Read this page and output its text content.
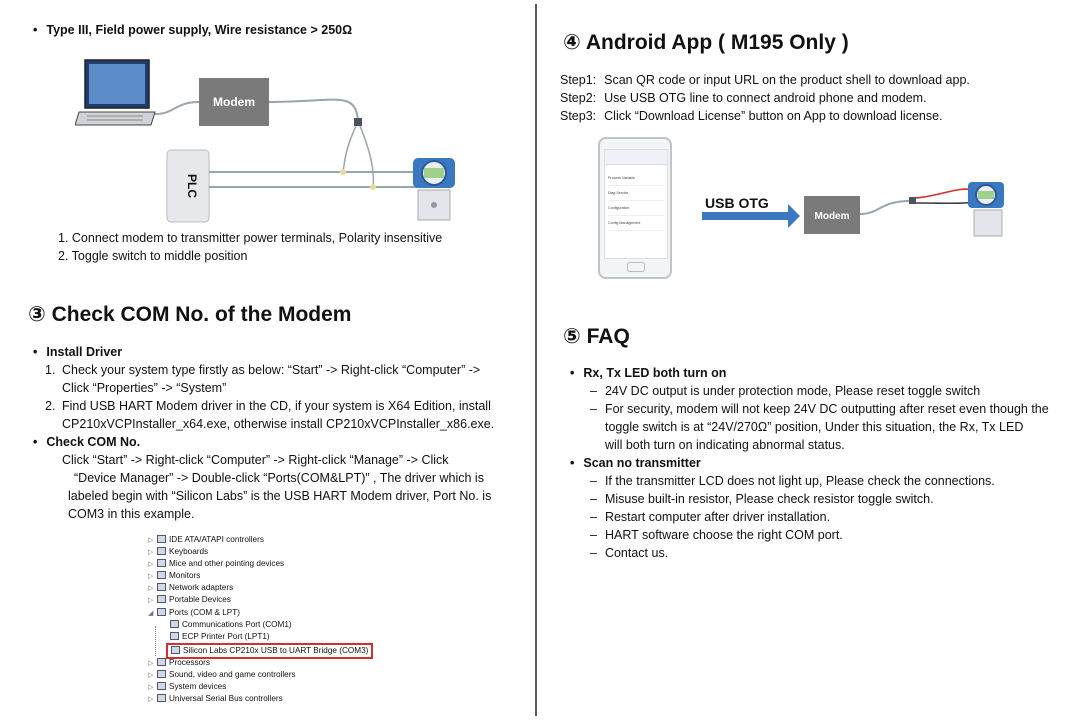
• Type III, Field power supply, Wire resistance > 250Ω
Modem
PLC
1. Connect modem to transmitter power terminals, Polarity insensitive
2. Toggle switch to middle position
③ Check COM No. of the Modem
• Install Driver
1. Check your system type firstly as below: “Start” -> Right-click “Computer” ->
Click “Properties” -> “System”
2. Find USB HART Modem driver in the CD, if your system is X64 Edition, install
CP210xVCPInstaller_x64.exe, otherwise install CP210xVCPInstaller_x86.exe.
• Check COM No.
Click “Start” -> Right-click “Computer” -> Right-click “Manage” -> Click
“Device Manager” -> Double-click “Ports(COM&LPT)” , The driver which is
labeled begin with “Silicon Labs” is the USB HART Modem driver, Port No. is
COM3 in this example.
▷ IDE ATA/ATAPI controllers
▷ Keyboards
▷ Mice and other pointing devices
▷ Monitors
▷ Network adapters
▷ Portable Devices
◢ Ports (COM & LPT)
Communications Port (COM1)
ECP Printer Port (LPT1)
Silicon Labs CP210x USB to UART Bridge (COM3)
▷ Processors
▷ Sound, video and game controllers
▷ System devices
▷ Universal Serial Bus controllers
④ Android App ( M195 Only )
Step1: Scan QR code or input URL on the product shell to download app.
Step2: Use USB OTG line to connect android phone and modem.
Step3: Click “Download License” button on App to download license.
Process Variable
Diag Service
Configuration
Config Management
USB OTG
Modem
⑤ FAQ
• Rx, Tx LED both turn on
– 24V DC output is under protection mode, Please reset toggle switch
– For security, modem will not keep 24V DC outputting after reset even though the
toggle switch is at “24V/270Ω” position, Under this situation, the Rx, Tx LED
will both turn on indicating abnormal status.
• Scan no transmitter
– If the transmitter LCD does not light up, Please check the connections.
– Misuse built-in resistor, Please check resistor toggle switch.
– Restart computer after driver installation.
– HART software choose the right COM port.
– Contact us.
